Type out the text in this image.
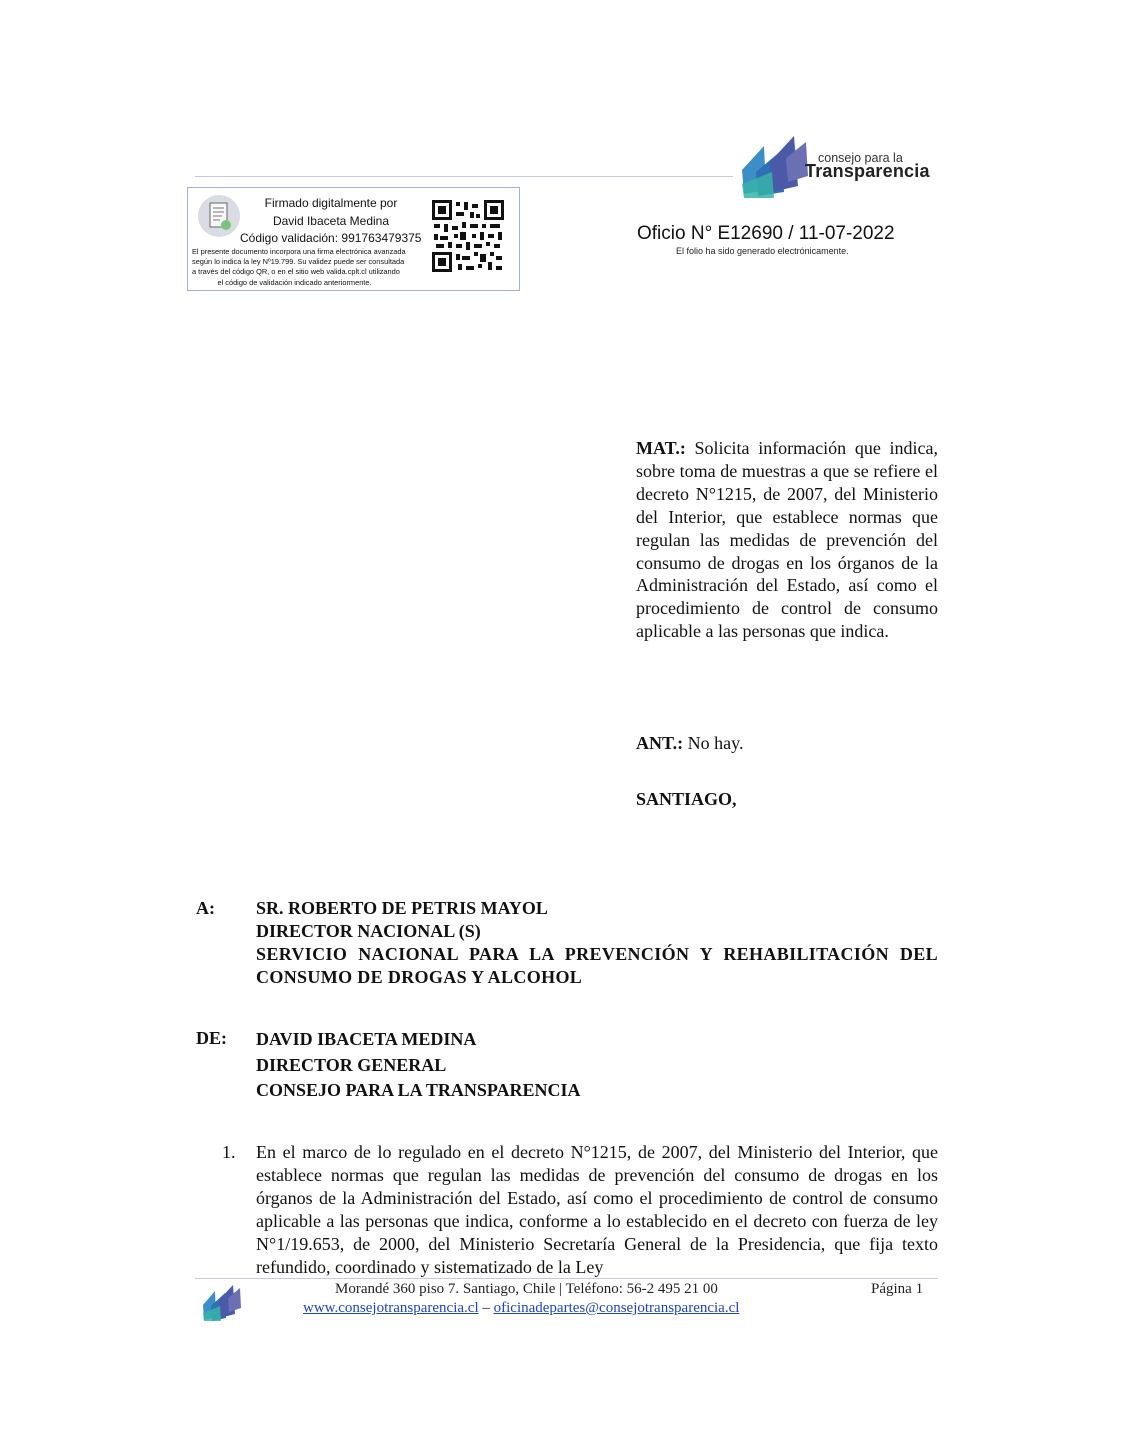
consejo para la
Transparencia
Firmado digitalmente por
David Ibaceta Medina
Código validación: 991763479375
El presente documento incorpora una firma electrónica avanzada
según lo indica la ley Nº19.799. Su validez puede ser consultada
a través del código QR, o en el sitio web valida.cplt.cl utilizando
el código de validación indicado anteriormente.
Oficio N° E12690 / 11-07-2022
El folio ha sido generado electrónicamente.
MAT.: Solicita información que indica, sobre toma de muestras a que se refiere el decreto N°1215, de 2007, del Ministerio del Interior, que establece normas que regulan las medidas de prevención del consumo de drogas en los órganos de la Administración del Estado, así como el procedimiento de control de consumo aplicable a las personas que indica.
ANT.: No hay.
SANTIAGO,
A: SR. ROBERTO DE PETRIS MAYOL
DIRECTOR NACIONAL (S)
SERVICIO NACIONAL PARA LA PREVENCIÓN Y REHABILITACIÓN DEL CONSUMO DE DROGAS Y ALCOHOL
DE: DAVID IBACETA MEDINA
DIRECTOR GENERAL
CONSEJO PARA LA TRANSPARENCIA
1. En el marco de lo regulado en el decreto N°1215, de 2007, del Ministerio del Interior, que establece normas que regulan las medidas de prevención del consumo de drogas en los órganos de la Administración del Estado, así como el procedimiento de control de consumo aplicable a las personas que indica, conforme a lo establecido en el decreto con fuerza de ley N°1/19.653, de 2000, del Ministerio Secretaría General de la Presidencia, que fija texto refundido, coordinado y sistematizado de la Ley
Morandé 360 piso 7. Santiago, Chile | Teléfono: 56-2 495 21 00	Página 1
www.consejotransparencia.cl – oficinadepartes@consejotransparencia.cl
